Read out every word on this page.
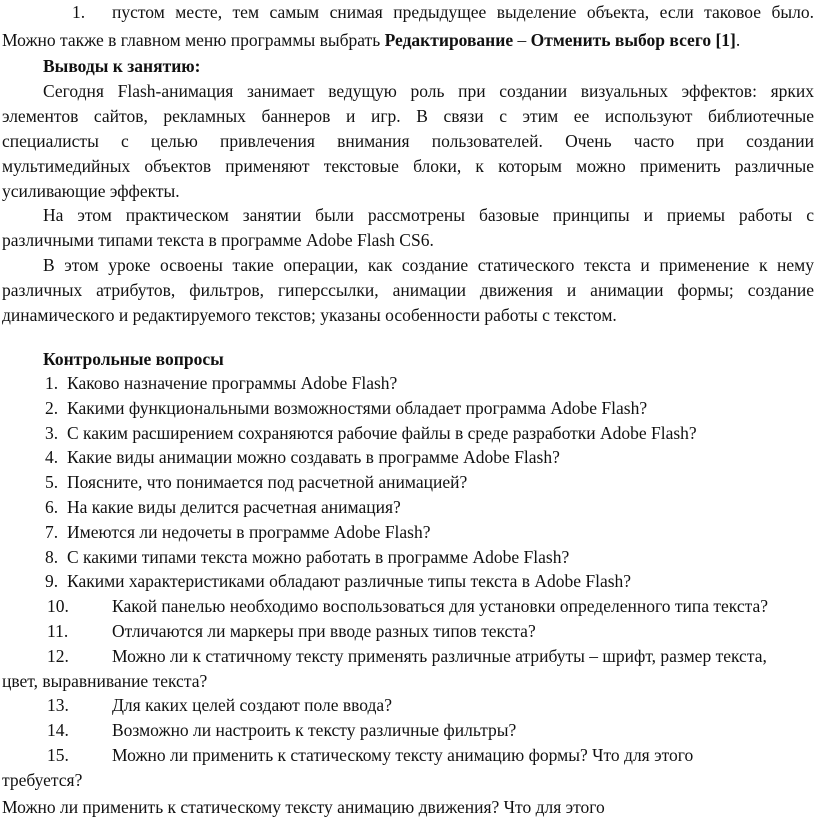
1. пустом месте, тем самым снимая предыдущее выделение объекта, если таковое было.
Можно также в главном меню программы выбрать Редактирование – Отменить выбор всего [1].
Выводы к занятию:
Сегодня Flash-анимация занимает ведущую роль при создании визуальных эффектов: ярких
элементов сайтов, рекламных баннеров и игр. В связи с этим ее используют библиотечные
специалисты с целью привлечения внимания пользователей. Очень часто при создании
мультимедийных объектов применяют текстовые блоки, к которым можно применить различные
усиливающие эффекты.
На этом практическом занятии были рассмотрены базовые принципы и приемы работы с
различными типами текста в программе Adobe Flash CS6.
В этом уроке освоены такие операции, как создание статического текста и применение к нему
различных атрибутов, фильтров, гиперссылки, анимации движения и анимации формы; создание
динамического и редактируемого текстов; указаны особенности работы с текстом.
Контрольные вопросы
1. Каково назначение программы Adobe Flash?
2. Какими функциональными возможностями обладает программа Adobe Flash?
3. С каким расширением сохраняются рабочие файлы в среде разработки Adobe Flash?
4. Какие виды анимации можно создавать в программе Adobe Flash?
5. Поясните, что понимается под расчетной анимацией?
6. На какие виды делится расчетная анимация?
7. Имеются ли недочеты в программе Adobe Flash?
8. С какими типами текста можно работать в программе Adobe Flash?
9. Какими характеристиками обладают различные типы текста в Adobe Flash?
10. Какой панелью необходимо воспользоваться для установки определенного типа текста?
11.	Отличаются ли маркеры при вводе разных типов текста?
12. Можно ли к статичному тексту применять различные атрибуты – шрифт, размер текста,
цвет, выравнивание текста?
13. Для каких целей создают поле ввода?
14. Возможно ли настроить к тексту различные фильтры?
15. Можно ли применить к статическому тексту анимацию формы? Что для этого
требуется?
Можно ли применить к статическому тексту анимацию движения? Что для этого
